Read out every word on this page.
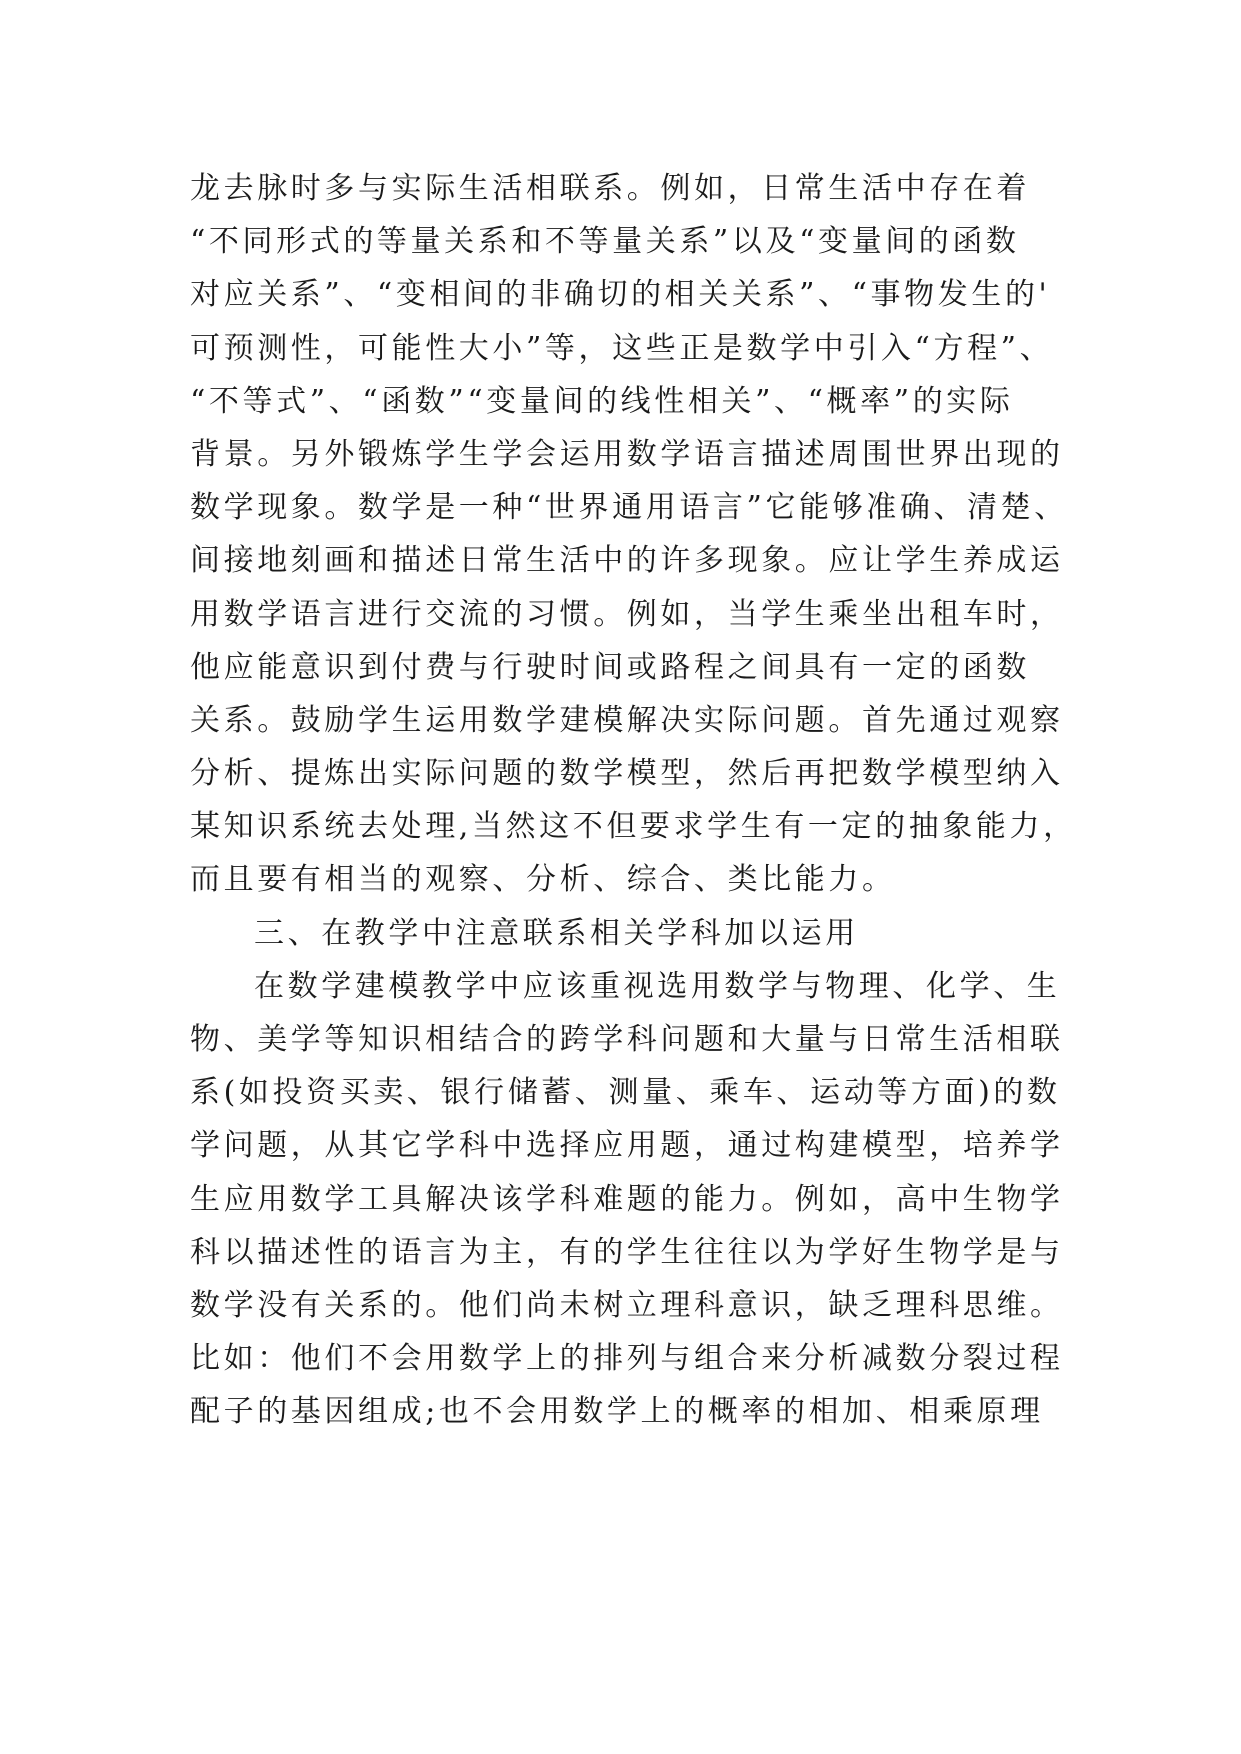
龙去脉时多与实际生活相联系。例如，日常生活中存在着
“不同形式的等量关系和不等量关系”以及“变量间的函数
对应关系”、“变相间的非确切的相关关系”、“事物发生的'
可预测性，可能性大小”等，这些正是数学中引入“方程”、
“不等式”、“函数”“变量间的线性相关”、“概率”的实际
背景。另外锻炼学生学会运用数学语言描述周围世界出现的
数学现象。数学是一种“世界通用语言”它能够准确、清楚、
间接地刻画和描述日常生活中的许多现象。应让学生养成运
用数学语言进行交流的习惯。例如，当学生乘坐出租车时，
他应能意识到付费与行驶时间或路程之间具有一定的函数
关系。鼓励学生运用数学建模解决实际问题。首先通过观察
分析、提炼出实际问题的数学模型，然后再把数学模型纳入
某知识系统去处理,当然这不但要求学生有一定的抽象能力，
而且要有相当的观察、分析、综合、类比能力。
三、在教学中注意联系相关学科加以运用
在数学建模教学中应该重视选用数学与物理、化学、生
物、美学等知识相结合的跨学科问题和大量与日常生活相联
系(如投资买卖、银行储蓄、测量、乘车、运动等方面)的数
学问题，从其它学科中选择应用题，通过构建模型，培养学
生应用数学工具解决该学科难题的能力。例如，高中生物学
科以描述性的语言为主，有的学生往往以为学好生物学是与
数学没有关系的。他们尚未树立理科意识，缺乏理科思维。
比如：他们不会用数学上的排列与组合来分析减数分裂过程
配子的基因组成;也不会用数学上的概率的相加、相乘原理
